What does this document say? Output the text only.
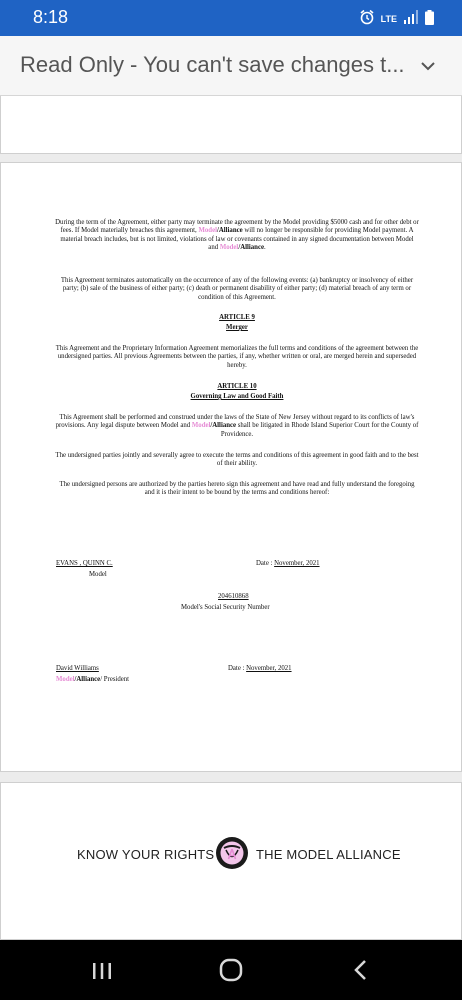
8:18	LTE
Read Only - You can't save changes t...

During the term of the Agreement, either party may terminate the agreement by the Model providing $5000 cash and for other debt or fees. If Model materially breaches this agreement, Model/Alliance will no longer be responsible for providing Model payment. A material breach includes, but is not limited, violations of law or covenants contained in any signed documentation between Model and Model/Alliance.

This Agreement terminates automatically on the occurrence of any of the following events: (a) bankruptcy or insolvency of either party; (b) sale of the business of either party; (c) death or permanent disability of either party; (d) material breach of any term or condition of this Agreement.

ARTICLE 9

Merger

This Agreement and the Proprietary Information Agreement memorializes the full terms and conditions of the agreement between the undersigned parties. All previous Agreements between the parties, if any, whether written or oral, are merged herein and superseded hereby.

ARTICLE 10

Governing Law and Good Faith

This Agreement shall be performed and construed under the laws of the State of New Jersey without regard to its conflicts of law's provisions. Any legal dispute between Model and Model/Alliance shall be litigated in Rhode Island Superior Court for the County of Providence.

The undersigned parties jointly and severally agree to execute the terms and conditions of this agreement in good faith and to the best of their ability.

The undersigned persons are authorized by the parties hereto sign this agreement and have read and fully understand the foregoing and it is their intent to be bound by the terms and conditions hereof:

EVANS , QUINN C.
Model
Date : November, 2021
204610868
Model's Social Security Number
David Williams
Model/Alliance/ President
Date : November, 2021
KNOW YOUR RIGHTS	THE MODEL ALLIANCE
